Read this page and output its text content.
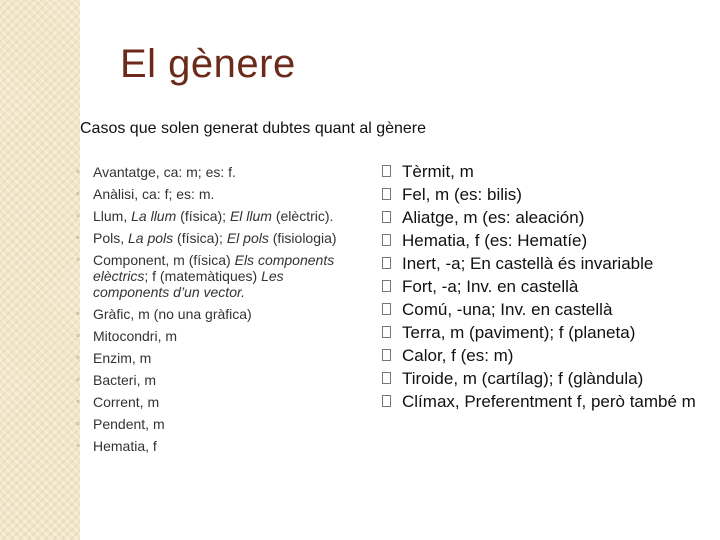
El gènere
Casos que solen generat dubtes quant al gènere
◦ Avantatge, ca: m; es: f.
◦ Anàlisi, ca: f; es: m.
◦ Llum, La llum (física); El llum (elèctric).
◦ Pols, La pols (física); El pols (fisiologia)
◦ Component, m (física) Els components elèctrics; f (matemàtiques) Les components d’un vector.
◦ Gràfic, m (no una gràfica)
◦ Mitocondri, m
◦ Enzim, m
◦ Bacteri, m
◦ Corrent, m
◦ Pendent, m
◦ Hematia, f
Tèrmit, m
Fel, m (es: bilis)
Aliatge, m (es: aleación)
Hematia, f (es: Hematíe)
Inert, -a; En castellà és invariable
Fort, -a; Inv. en castellà
Comú, -una; Inv. en castellà
Terra, m (paviment); f (planeta)
Calor, f (es: m)
Tiroide, m (cartílag); f (glàndula)
Clímax, Preferentment f, però també m
